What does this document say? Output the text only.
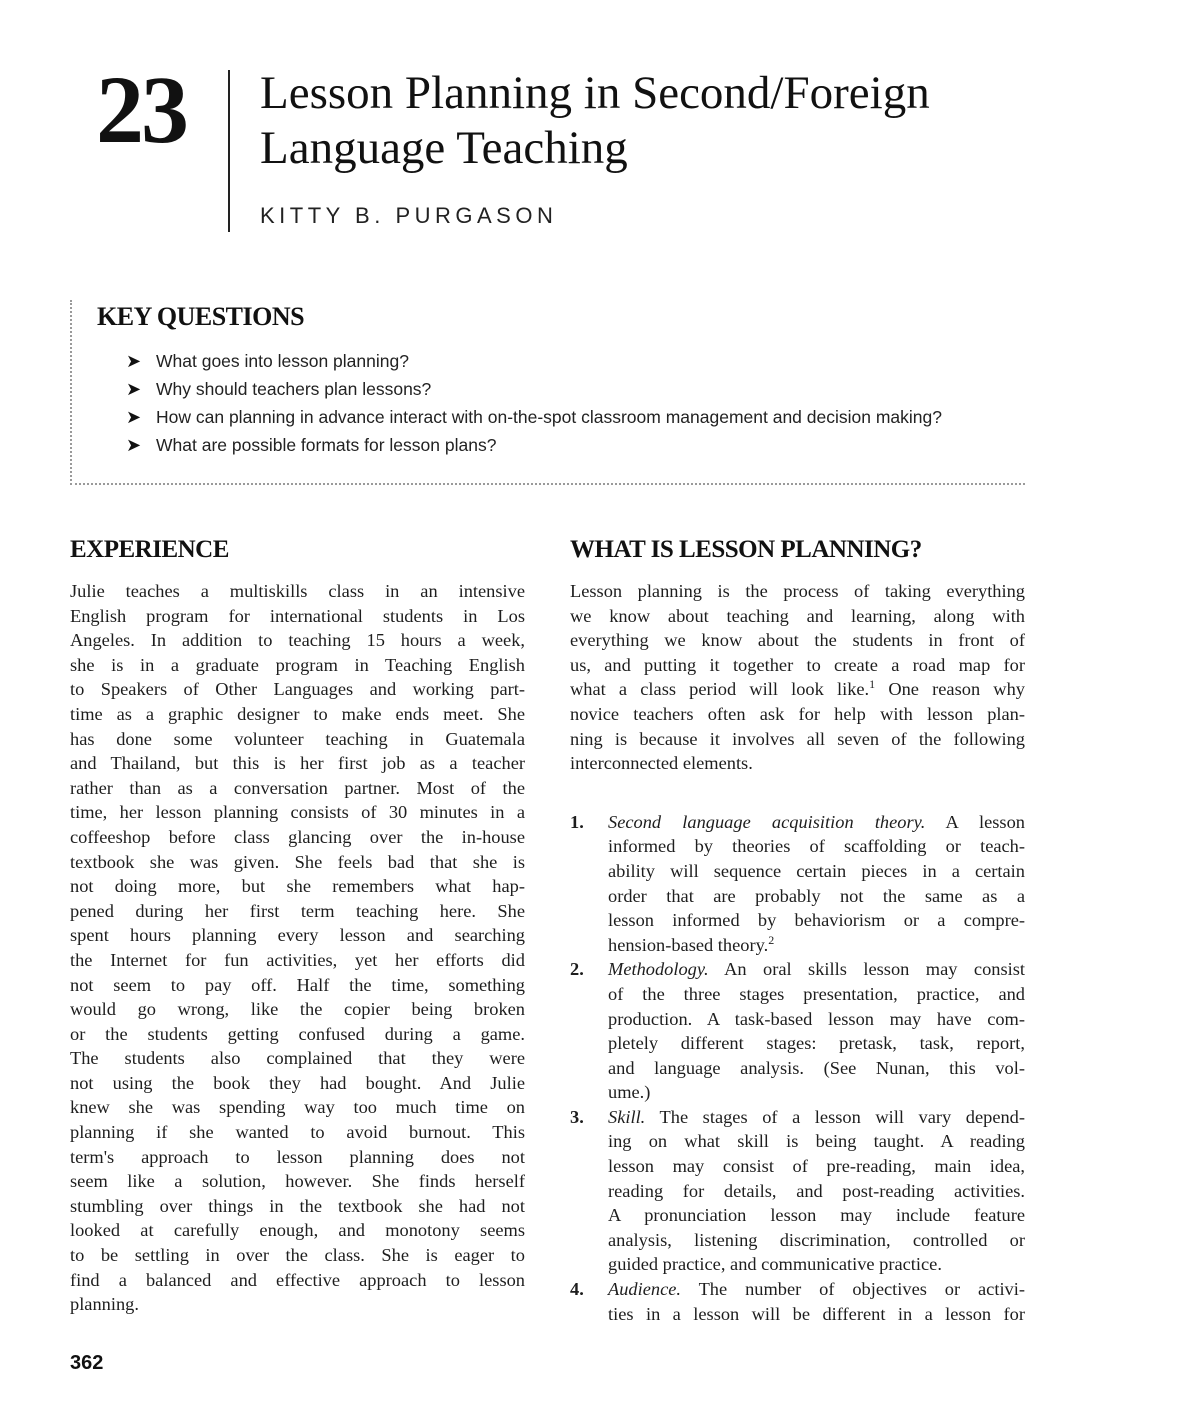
23 Lesson Planning in Second/Foreign
Language Teaching
KITTY B. PURGASON
KEY QUESTIONS
➤ What goes into lesson planning?
➤ Why should teachers plan lessons?
➤ How can planning in advance interact with on-the-spot classroom management and decision making?
➤ What are possible formats for lesson plans?
EXPERIENCE

Julie teaches a multiskills class in an intensive
English program for international students in Los
Angeles. In addition to teaching 15 hours a week,
she is in a graduate program in Teaching English
to Speakers of Other Languages and working part-
time as a graphic designer to make ends meet. She
has done some volunteer teaching in Guatemala
and Thailand, but this is her first job as a teacher
rather than as a conversation partner. Most of the
time, her lesson planning consists of 30 minutes in a
coffeeshop before class glancing over the in-house
textbook she was given. She feels bad that she is
not doing more, but she remembers what hap-
pened during her first term teaching here. She
spent hours planning every lesson and searching
the Internet for fun activities, yet her efforts did
not seem to pay off. Half the time, something
would go wrong, like the copier being broken
or the students getting confused during a game.
The students also complained that they were
not using the book they had bought. And Julie
knew she was spending way too much time on
planning if she wanted to avoid burnout. This
term's approach to lesson planning does not
seem like a solution, however. She finds herself
stumbling over things in the textbook she had not
looked at carefully enough, and monotony seems
to be settling in over the class. She is eager to
find a balanced and effective approach to lesson
planning.

WHAT IS LESSON PLANNING?

Lesson planning is the process of taking everything
we know about teaching and learning, along with
everything we know about the students in front of
us, and putting it together to create a road map for
what a class period will look like.$^1$ One reason why
novice teachers often ask for help with lesson plan-
ning is because it involves all seven of the following
interconnected elements.

1. Second language acquisition theory. A lesson
informed by theories of scaffolding or teach-
ability will sequence certain pieces in a certain
order that are probably not the same as a
lesson informed by behaviorism or a compre-
hension-based theory.$^2$
2. Methodology. An oral skills lesson may consist
of the three stages presentation, practice, and
production. A task-based lesson may have com-
pletely different stages: pretask, task, report,
and language analysis. (See Nunan, this vol-
ume.)
3. Skill. The stages of a lesson will vary depend-
ing on what skill is being taught. A reading
lesson may consist of pre-reading, main idea,
reading for details, and post-reading activities.
A pronunciation lesson may include feature
analysis, listening discrimination, controlled or
guided practice, and communicative practice.
4. Audience. The number of objectives or activi-
ties in a lesson will be different in a lesson for
362
